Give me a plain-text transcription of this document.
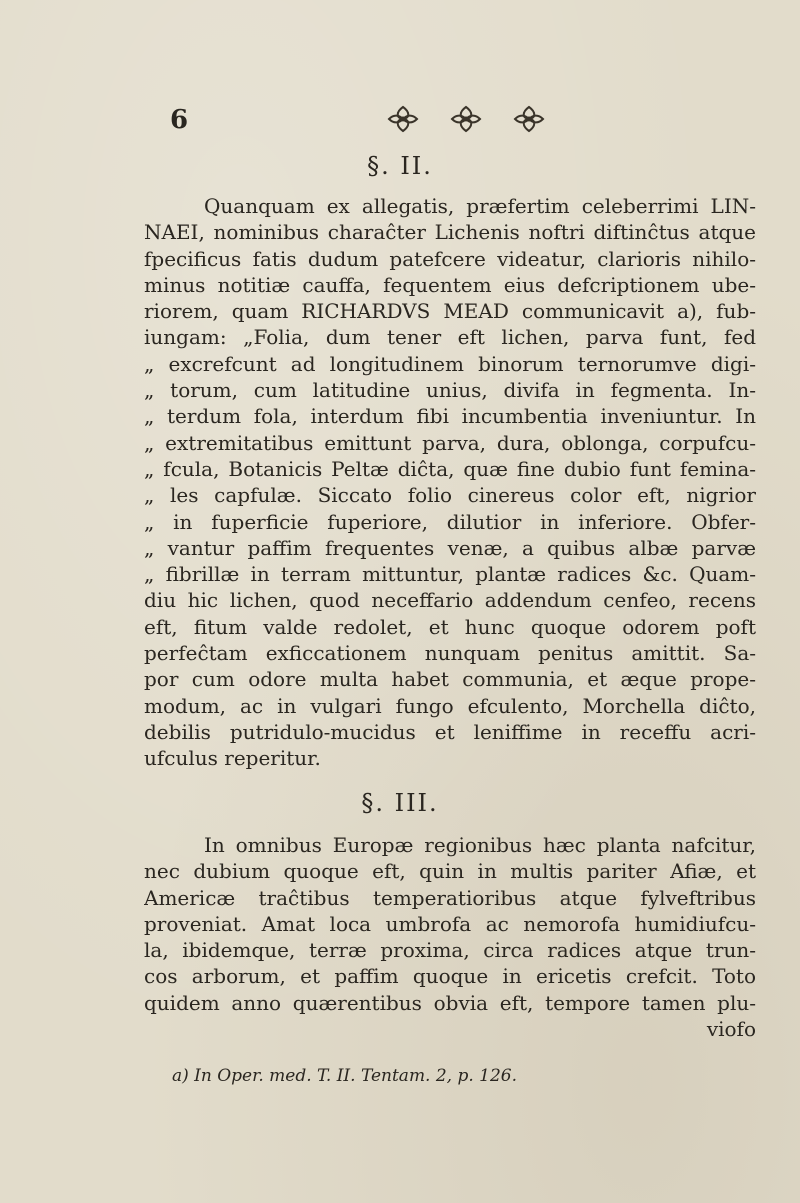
6
§. II.
Quanquam ex allegatis, præfertim celeberrimi LIN-
NAEI, nominibus charaĉter Lichenis noftri diftinĉtus atque
fpecificus fatis dudum patefcere videatur, clarioris nihilo-
minus notitiæ cauffa, fequentem eius defcriptionem ube-
riorem, quam RICHARDVS MEAD communicavit a), fub-
iungam: „Folia, dum tener eft lichen, parva funt, fed
„ excrefcunt ad longitudinem binorum ternorumve digi-
„ torum, cum latitudine unius, divifa in fegmenta. In-
„ terdum fola, interdum fibi incumbentia inveniuntur. In
„ extremitatibus emittunt parva, dura, oblonga, corpufcu-
„ fcula, Botanicis Peltæ diĉta, quæ fine dubio funt femina-
„ les capfulæ. Siccato folio cinereus color eft, nigrior
„ in fuperficie fuperiore, dilutior in inferiore. Obfer-
„ vantur paffim frequentes venæ, a quibus albæ parvæ
„ fibrillæ in terram mittuntur, plantæ radices &c. Quam-
diu hic lichen, quod neceffario addendum cenfeo, recens
eft, fitum valde redolet, et hunc quoque odorem poft
perfeĉtam exficcationem nunquam penitus amittit. Sa-
por cum odore multa habet communia, et æque prope-
modum, ac in vulgari fungo efculento, Morchella diĉto,
debilis putridulo-mucidus et leniffime in receffu acri-
ufculus reperitur.
§. III.
In omnibus Europæ regionibus hæc planta nafcitur,
nec dubium quoque eft, quin in multis pariter Afiæ, et
Americæ traĉtibus temperatioribus atque fylveftribus
proveniat. Amat loca umbrofa ac nemorofa humidiufcu-
la, ibidemque, terræ proxima, circa radices atque trun-
cos arborum, et paffim quoque in ericetis crefcit. Toto
quidem anno quærentibus obvia eft, tempore tamen plu-
viofo
a) In Oper. med. T. II. Tentam. 2, p. 126.
